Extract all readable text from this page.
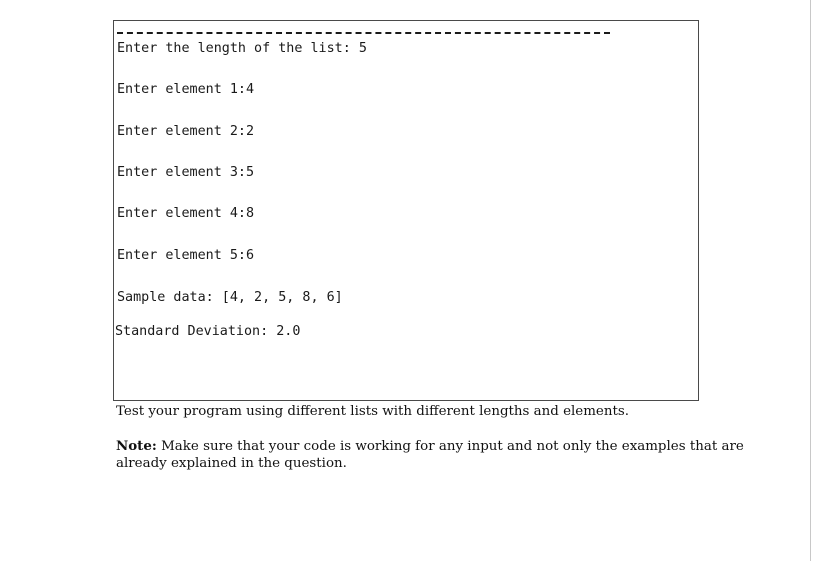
Enter the length of the list: 5
Enter element 1:4
Enter element 2:2
Enter element 3:5
Enter element 4:8
Enter element 5:6
Sample data: [4, 2, 5, 8, 6]
Standard Deviation: 2.0
Test your program using different lists with different lengths and elements.
Note: Make sure that your code is working for any input and not only the examples that are
already explained in the question.
